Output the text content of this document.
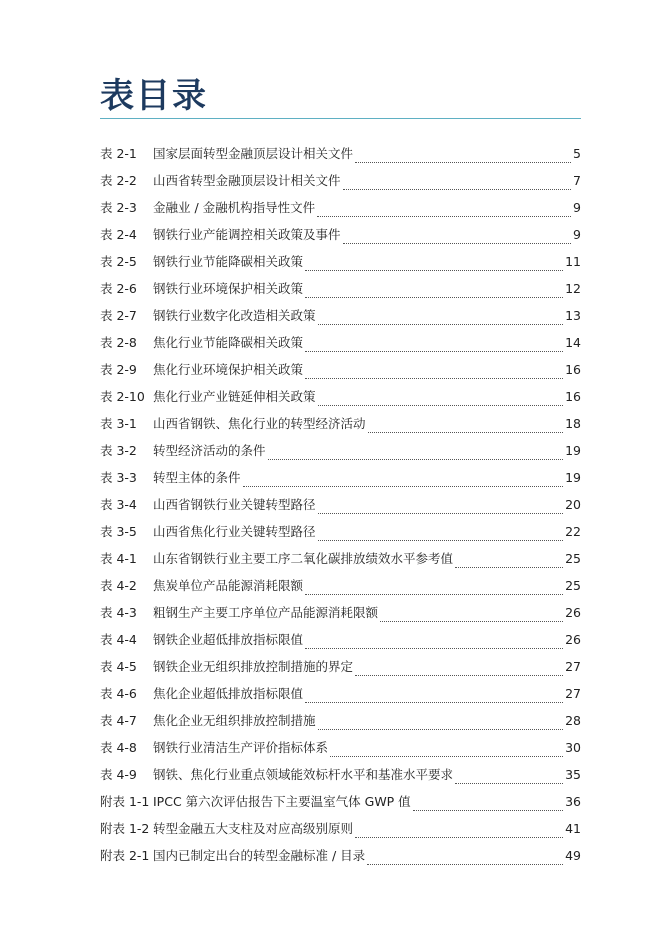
表目录
表 2-1	国家层面转型金融顶层设计相关文件	5
表 2-2	山西省转型金融顶层设计相关文件	7
表 2-3	金融业 / 金融机构指导性文件	9
表 2-4	钢铁行业产能调控相关政策及事件	9
表 2-5	钢铁行业节能降碳相关政策	11
表 2-6	钢铁行业环境保护相关政策	12
表 2-7	钢铁行业数字化改造相关政策	13
表 2-8	焦化行业节能降碳相关政策	14
表 2-9	焦化行业环境保护相关政策	16
表 2-10 焦化行业产业链延伸相关政策	16
表 3-1	山西省钢铁、焦化行业的转型经济活动	18
表 3-2	转型经济活动的条件	19
表 3-3	转型主体的条件	19
表 3-4	山西省钢铁行业关键转型路径	20
表 3-5	山西省焦化行业关键转型路径	22
表 4-1	山东省钢铁行业主要工序二氧化碳排放绩效水平参考值	25
表 4-2	焦炭单位产品能源消耗限额	25
表 4-3	粗钢生产主要工序单位产品能源消耗限额	26
表 4-4	钢铁企业超低排放指标限值	26
表 4-5	钢铁企业无组织排放控制措施的界定	27
表 4-6	焦化企业超低排放指标限值	27
表 4-7	焦化企业无组织排放控制措施	28
表 4-8	钢铁行业清洁生产评价指标体系	30
表 4-9	钢铁、焦化行业重点领域能效标杆水平和基准水平要求	35
附表 1-1 IPCC 第六次评估报告下主要温室气体 GWP 值	36
附表 1-2 转型金融五大支柱及对应高级别原则	41
附表 2-1 国内已制定出台的转型金融标准 / 目录	49
